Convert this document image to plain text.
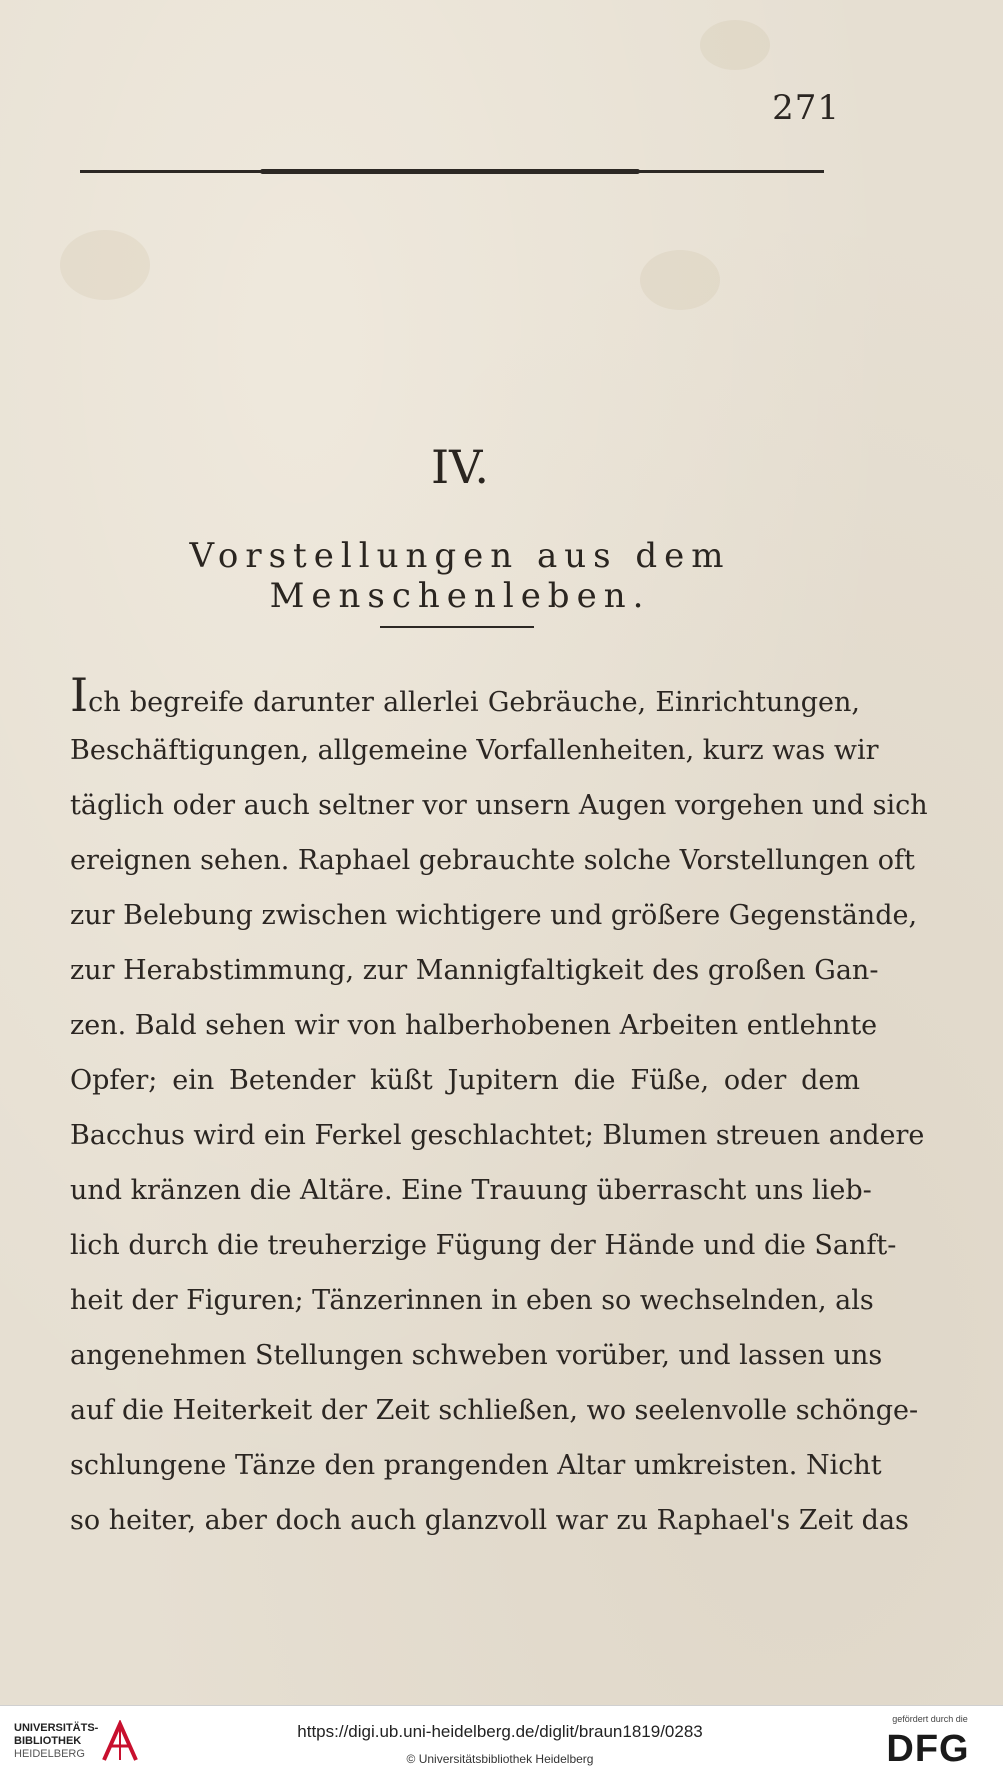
271
IV.
Vorstellungen aus dem Menschenleben.
Ich begreife darunter allerlei Gebräuche, Einrichtungen,
Beschäftigungen, allgemeine Vorfallenheiten, kurz was wir
täglich oder auch seltner vor unsern Augen vorgehen und sich
ereignen sehen. Raphael gebrauchte solche Vorstellungen oft
zur Belebung zwischen wichtigere und größere Gegenstände,
zur Herabstimmung, zur Mannigfaltigkeit des großen Gan-
zen. Bald sehen wir von halberhobenen Arbeiten entlehnte
Opfer; ein Betender küßt Jupitern die Füße, oder dem
Bacchus wird ein Ferkel geschlachtet; Blumen streuen andere
und kränzen die Altäre. Eine Trauung überrascht uns lieb-
lich durch die treuherzige Fügung der Hände und die Sanft-
heit der Figuren; Tänzerinnen in eben so wechselnden, als
angenehmen Stellungen schweben vorüber, und lassen uns
auf die Heiterkeit der Zeit schließen, wo seelenvolle schönge-
schlungene Tänze den prangenden Altar umkreisten. Nicht
so heiter, aber doch auch glanzvoll war zu Raphael's Zeit das
UNIVERSITÄTS-
BIBLIOTHEK
HEIDELBERG
https://digi.ub.uni-heidelberg.de/diglit/braun1819/0283
© Universitätsbibliothek Heidelberg
gefördert durch die
DFG
